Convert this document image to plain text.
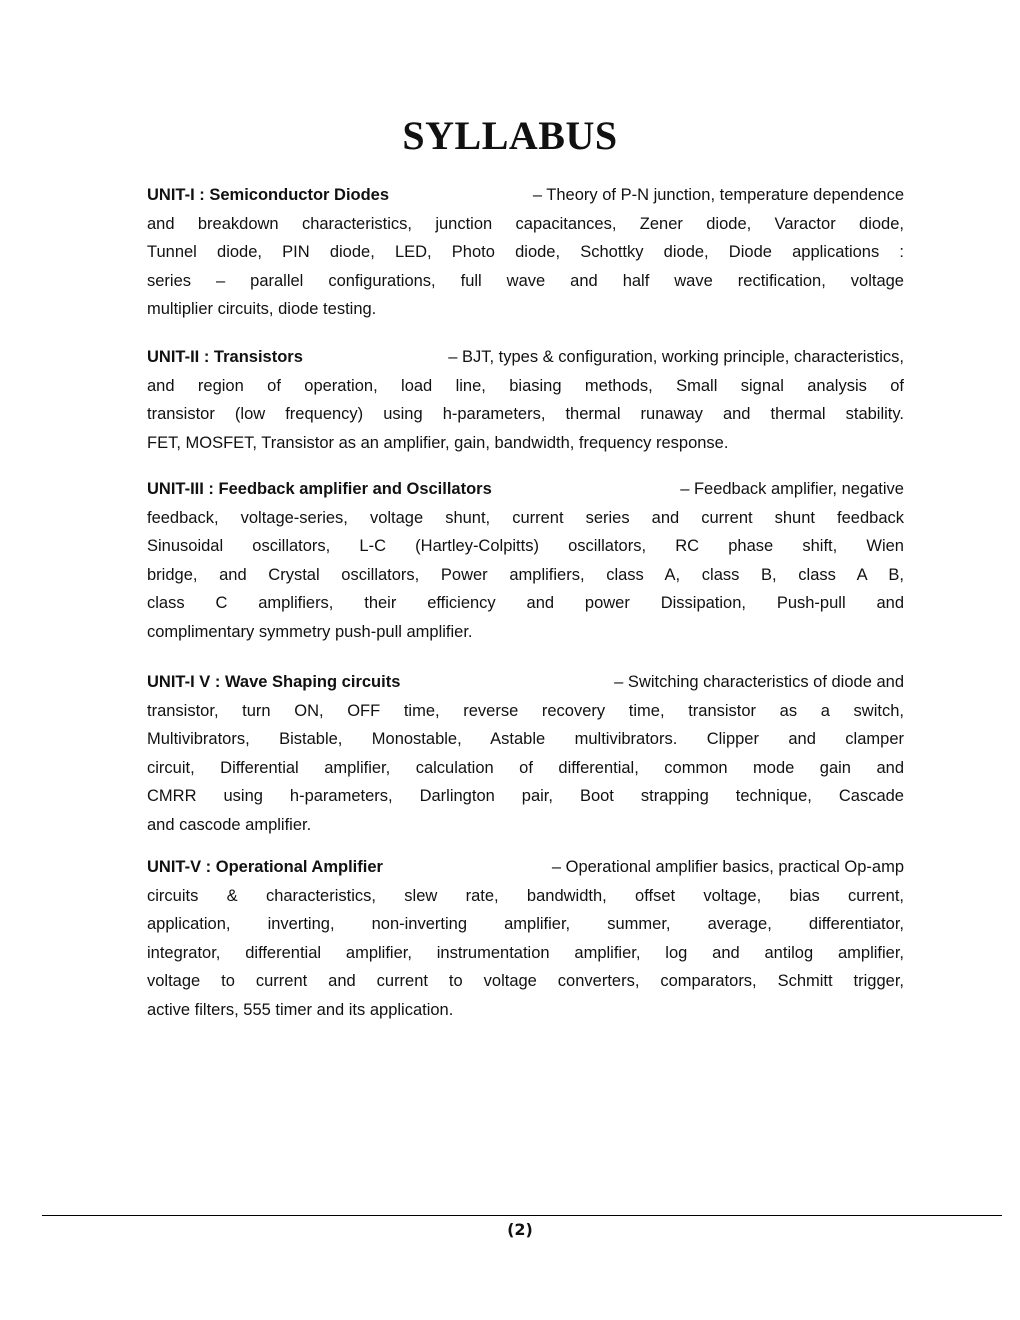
SYLLABUS
UNIT-I : Semiconductor Diodes	– Theory of P-N junction, temperature dependence
and breakdown characteristics, junction capacitances, Zener diode, Varactor diode,
Tunnel diode, PIN diode, LED, Photo diode, Schottky diode, Diode applications :
series – parallel configurations, full wave and half wave rectification, voltage
multiplier circuits, diode testing.
UNIT-II : Transistors	– BJT, types & configuration, working principle, characteristics,
and region of operation, load line, biasing methods, Small signal analysis of
transistor (low frequency) using h-parameters, thermal runaway and thermal stability.
FET, MOSFET, Transistor as an amplifier, gain, bandwidth, frequency response.
UNIT-III : Feedback amplifier and Oscillators	– Feedback amplifier, negative
feedback, voltage-series, voltage shunt, current series and current shunt feedback
Sinusoidal oscillators, L-C (Hartley-Colpitts) oscillators, RC phase shift, Wien
bridge, and Crystal oscillators, Power amplifiers, class A, class B, class A B,
class C amplifiers, their efficiency and power Dissipation, Push-pull and
complimentary symmetry push-pull amplifier.
UNIT-I V : Wave Shaping circuits	– Switching characteristics of diode and
transistor, turn ON, OFF time, reverse recovery time, transistor as a switch,
Multivibrators, Bistable, Monostable, Astable multivibrators. Clipper and clamper
circuit, Differential amplifier, calculation of differential, common mode gain and
CMRR using h-parameters, Darlington pair, Boot strapping technique, Cascade
and cascode amplifier.
UNIT-V : Operational Amplifier	– Operational amplifier basics, practical Op-amp
circuits & characteristics, slew rate, bandwidth, offset voltage, bias current,
application, inverting, non-inverting amplifier, summer, average, differentiator,
integrator, differential amplifier, instrumentation amplifier, log and antilog amplifier,
voltage to current and current to voltage converters, comparators, Schmitt trigger,
active filters, 555 timer and its application.
(2)
